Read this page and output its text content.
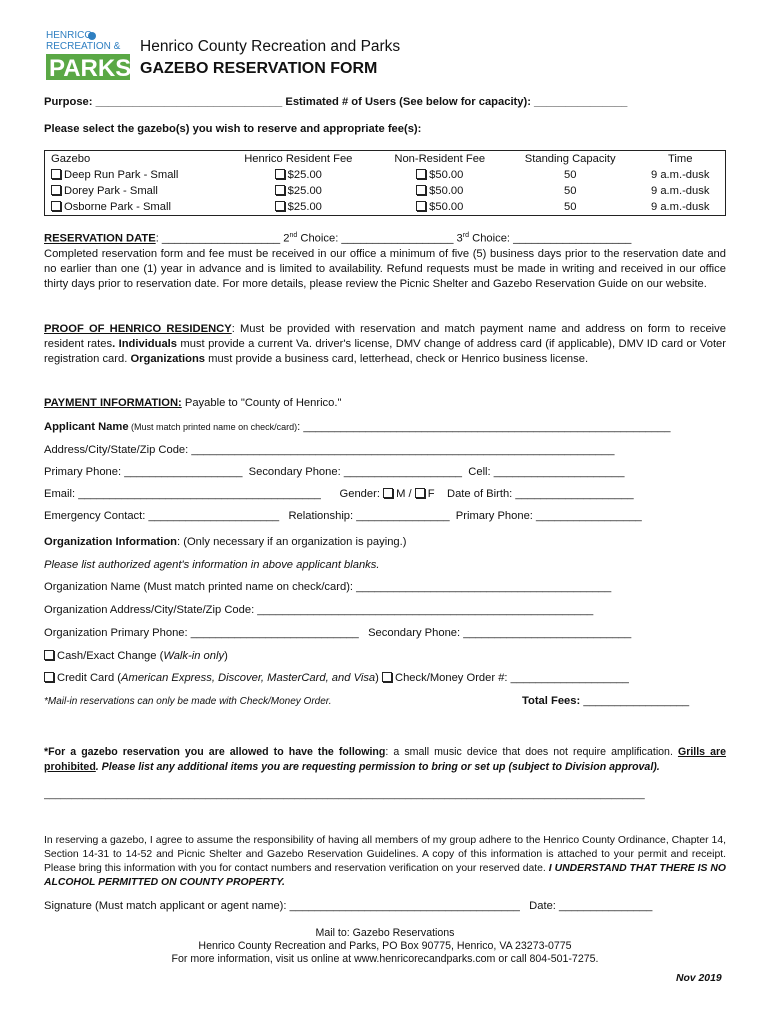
HENRICO
RECREATION &
PARKS
Henrico County Recreation and Parks
GAZEBO RESERVATION FORM
Purpose: ______________________________ Estimated # of Users (See below for capacity): _______________
Please select the gazebo(s) you wish to reserve and appropriate fee(s):
Gazebo	Henrico Resident Fee	Non-Resident Fee	Standing Capacity	Time
Deep Run Park - Small	$25.00	$50.00	50	9 a.m.-dusk
Dorey Park - Small	$25.00	$50.00	50	9 a.m.-dusk
Osborne Park - Small	$25.00	$50.00	50	9 a.m.-dusk
RESERVATION DATE: ___________________ 2nd Choice: __________________ 3rd Choice: ___________________
Completed reservation form and fee must be received in our office a minimum of five (5) business days prior to the reservation date and no earlier than one (1) year in advance and is limited to availability. Refund requests must be made in writing and received in our office thirty days prior to reservation date. For more details, please review the Picnic Shelter and Gazebo Reservation Guide on our website.
PROOF OF HENRICO RESIDENCY: Must be provided with reservation and match payment name and address on form to receive resident rates. Individuals must provide a current Va. driver's license, DMV change of address card (if applicable), DMV ID card or Voter registration card. Organizations must provide a business card, letterhead, check or Henrico business license.
PAYMENT INFORMATION: Payable to "County of Henrico."
Applicant Name (Must match printed name on check/card): ___________________________________________________________
Address/City/State/Zip Code: ____________________________________________________________________
Primary Phone: ___________________ Secondary Phone: ___________________ Cell: _____________________
Email: _______________________________________ Gender: M / F Date of Birth: ___________________
Emergency Contact: _____________________ Relationship: _______________ Primary Phone: _________________
Organization Information: (Only necessary if an organization is paying.)
Please list authorized agent's information in above applicant blanks.
Organization Name (Must match printed name on check/card): _________________________________________
Organization Address/City/State/Zip Code: ______________________________________________________
Organization Primary Phone: ___________________________ Secondary Phone: ___________________________
Cash/Exact Change (Walk-in only)
Credit Card (American Express, Discover, MasterCard, and Visa) Check/Money Order #: ___________________
*Mail-in reservations can only be made with Check/Money Order.	Total Fees: _________________
*For a gazebo reservation you are allowed to have the following: a small music device that does not require amplification. Grills are prohibited. Please list any additional items you are requesting permission to bring or set up (subject to Division approval).
____________________________________________________________________________________________________________
In reserving a gazebo, I agree to assume the responsibility of having all members of my group adhere to the Henrico County Ordinance, Chapter 14, Section 14-31 to 14-52 and Picnic Shelter and Gazebo Reservation Guidelines. A copy of this information is attached to your permit and receipt. Please bring this information with you for contact numbers and reservation verification on your reserved date. I UNDERSTAND THAT THERE IS NO ALCOHOL PERMITTED ON COUNTY PROPERTY.
Signature (Must match applicant or agent name): _____________________________________ Date: _______________
Mail to: Gazebo Reservations
Henrico County Recreation and Parks, PO Box 90775, Henrico, VA 23273-0775
For more information, visit us online at www.henricorecandparks.com or call 804-501-7275.
Nov 2019
